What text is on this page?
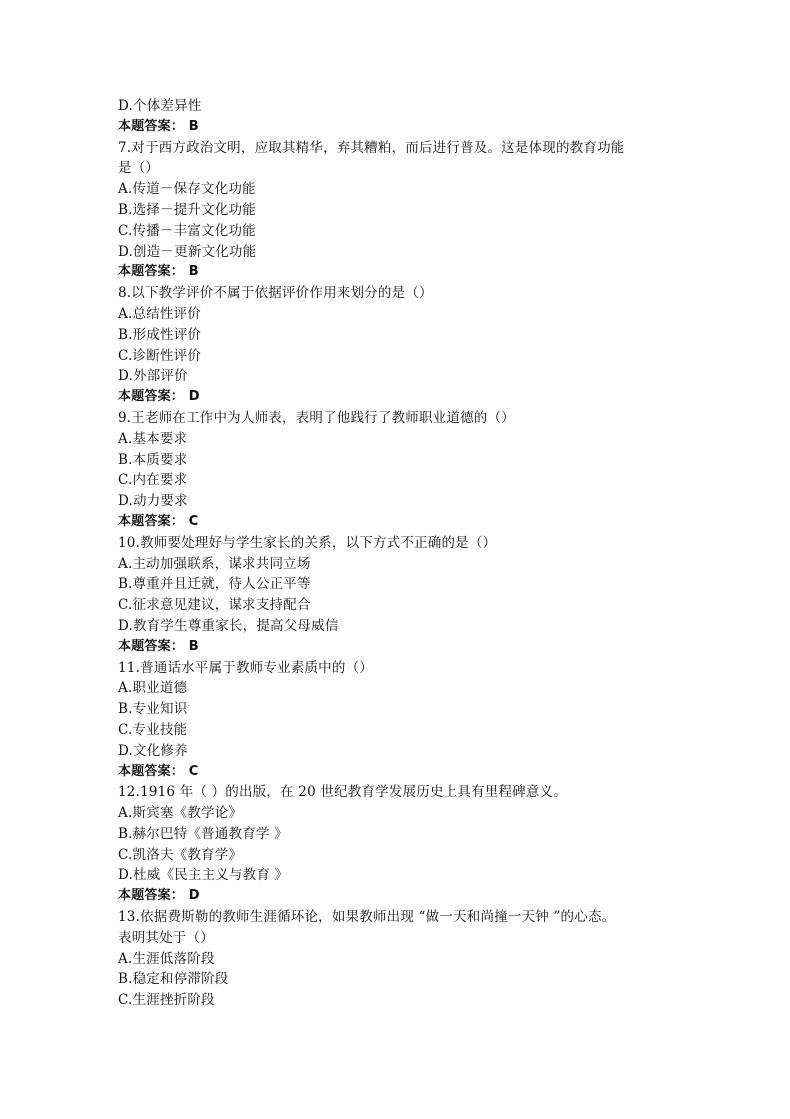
D.个体差异性
本题答案： B
7.对于西方政治文明，应取其精华，弃其糟粕，而后进行普及。这是体现的教育功能
是（）
A.传道－保存文化功能
B.选择－提升文化功能
C.传播－丰富文化功能
D.创造－更新文化功能
本题答案： B
8.以下教学评价不属于依据评价作用来划分的是（）
A.总结性评价
B.形成性评价
C.诊断性评价
D.外部评价
本题答案： D
9.王老师在工作中为人师表，表明了他践行了教师职业道德的（）
A.基本要求
B.本质要求
C.内在要求
D.动力要求
本题答案： C
10.教师要处理好与学生家长的关系，以下方式不正确的是（）
A.主动加强联系，谋求共同立场
B.尊重并且迁就，待人公正平等
C.征求意见建议，谋求支持配合
D.教育学生尊重家长，提高父母威信
本题答案： B
11.普通话水平属于教师专业素质中的（）
A.职业道德
B.专业知识
C.专业技能
D.文化修养
本题答案： C
12.1916 年（ ）的出版，在 20 世纪教育学发展历史上具有里程碑意义。
A.斯宾塞《教学论》
B.赫尔巴特《普通教育学 》
C.凯洛夫《教育学》
D.杜威《民主主义与教育 》
本题答案： D
13.依据费斯勒的教师生涯循环论，如果教师出现 “做一天和尚撞一天钟 ”的心态。
表明其处于（）
A.生涯低落阶段
B.稳定和停滞阶段
C.生涯挫折阶段
